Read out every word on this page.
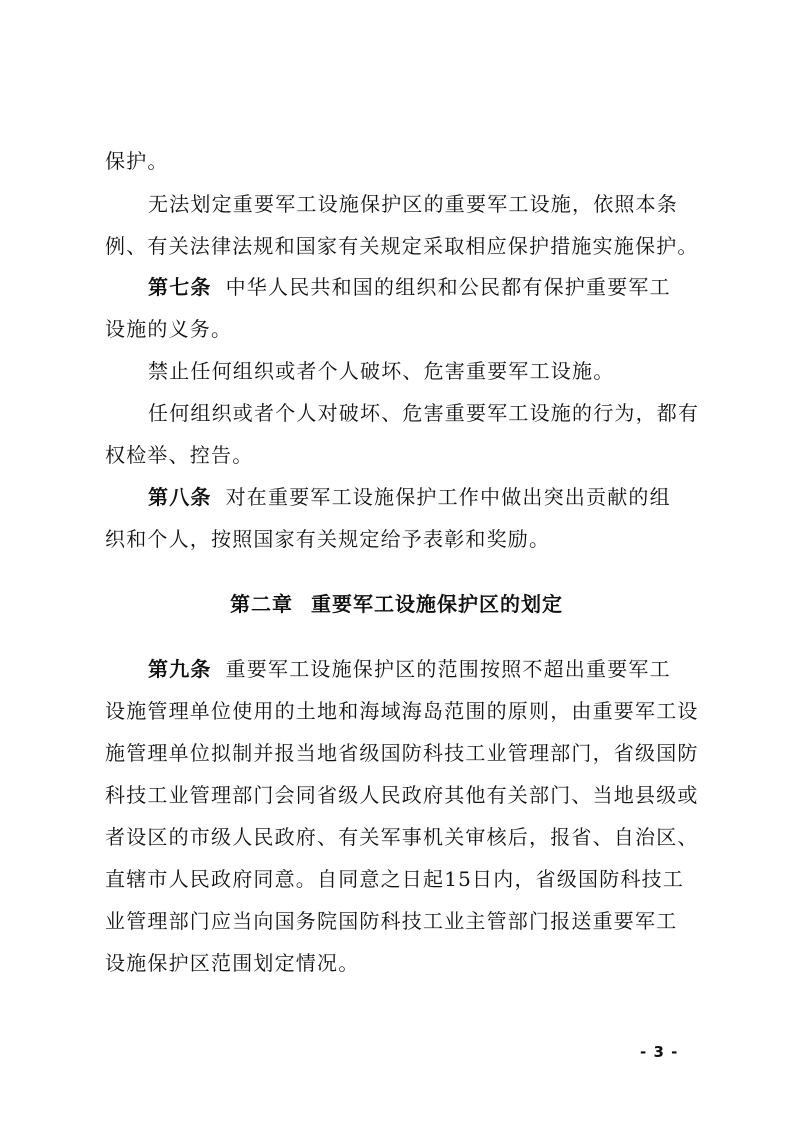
保护。
无法划定重要军工设施保护区的重要军工设施，依照本条
例、有关法律法规和国家有关规定采取相应保护措施实施保护。
第七条 中华人民共和国的组织和公民都有保护重要军工
设施的义务。
禁止任何组织或者个人破坏、危害重要军工设施。
任何组织或者个人对破坏、危害重要军工设施的行为，都有
权检举、控告。
第八条 对在重要军工设施保护工作中做出突出贡献的组
织和个人，按照国家有关规定给予表彰和奖励。
第二章 重要军工设施保护区的划定
第九条 重要军工设施保护区的范围按照不超出重要军工
设施管理单位使用的土地和海域海岛范围的原则，由重要军工设
施管理单位拟制并报当地省级国防科技工业管理部门，省级国防
科技工业管理部门会同省级人民政府其他有关部门、当地县级或
者设区的市级人民政府、有关军事机关审核后，报省、自治区、
直辖市人民政府同意。自同意之日起15日内，省级国防科技工
业管理部门应当向国务院国防科技工业主管部门报送重要军工
设施保护区范围划定情况。
- 3 -
